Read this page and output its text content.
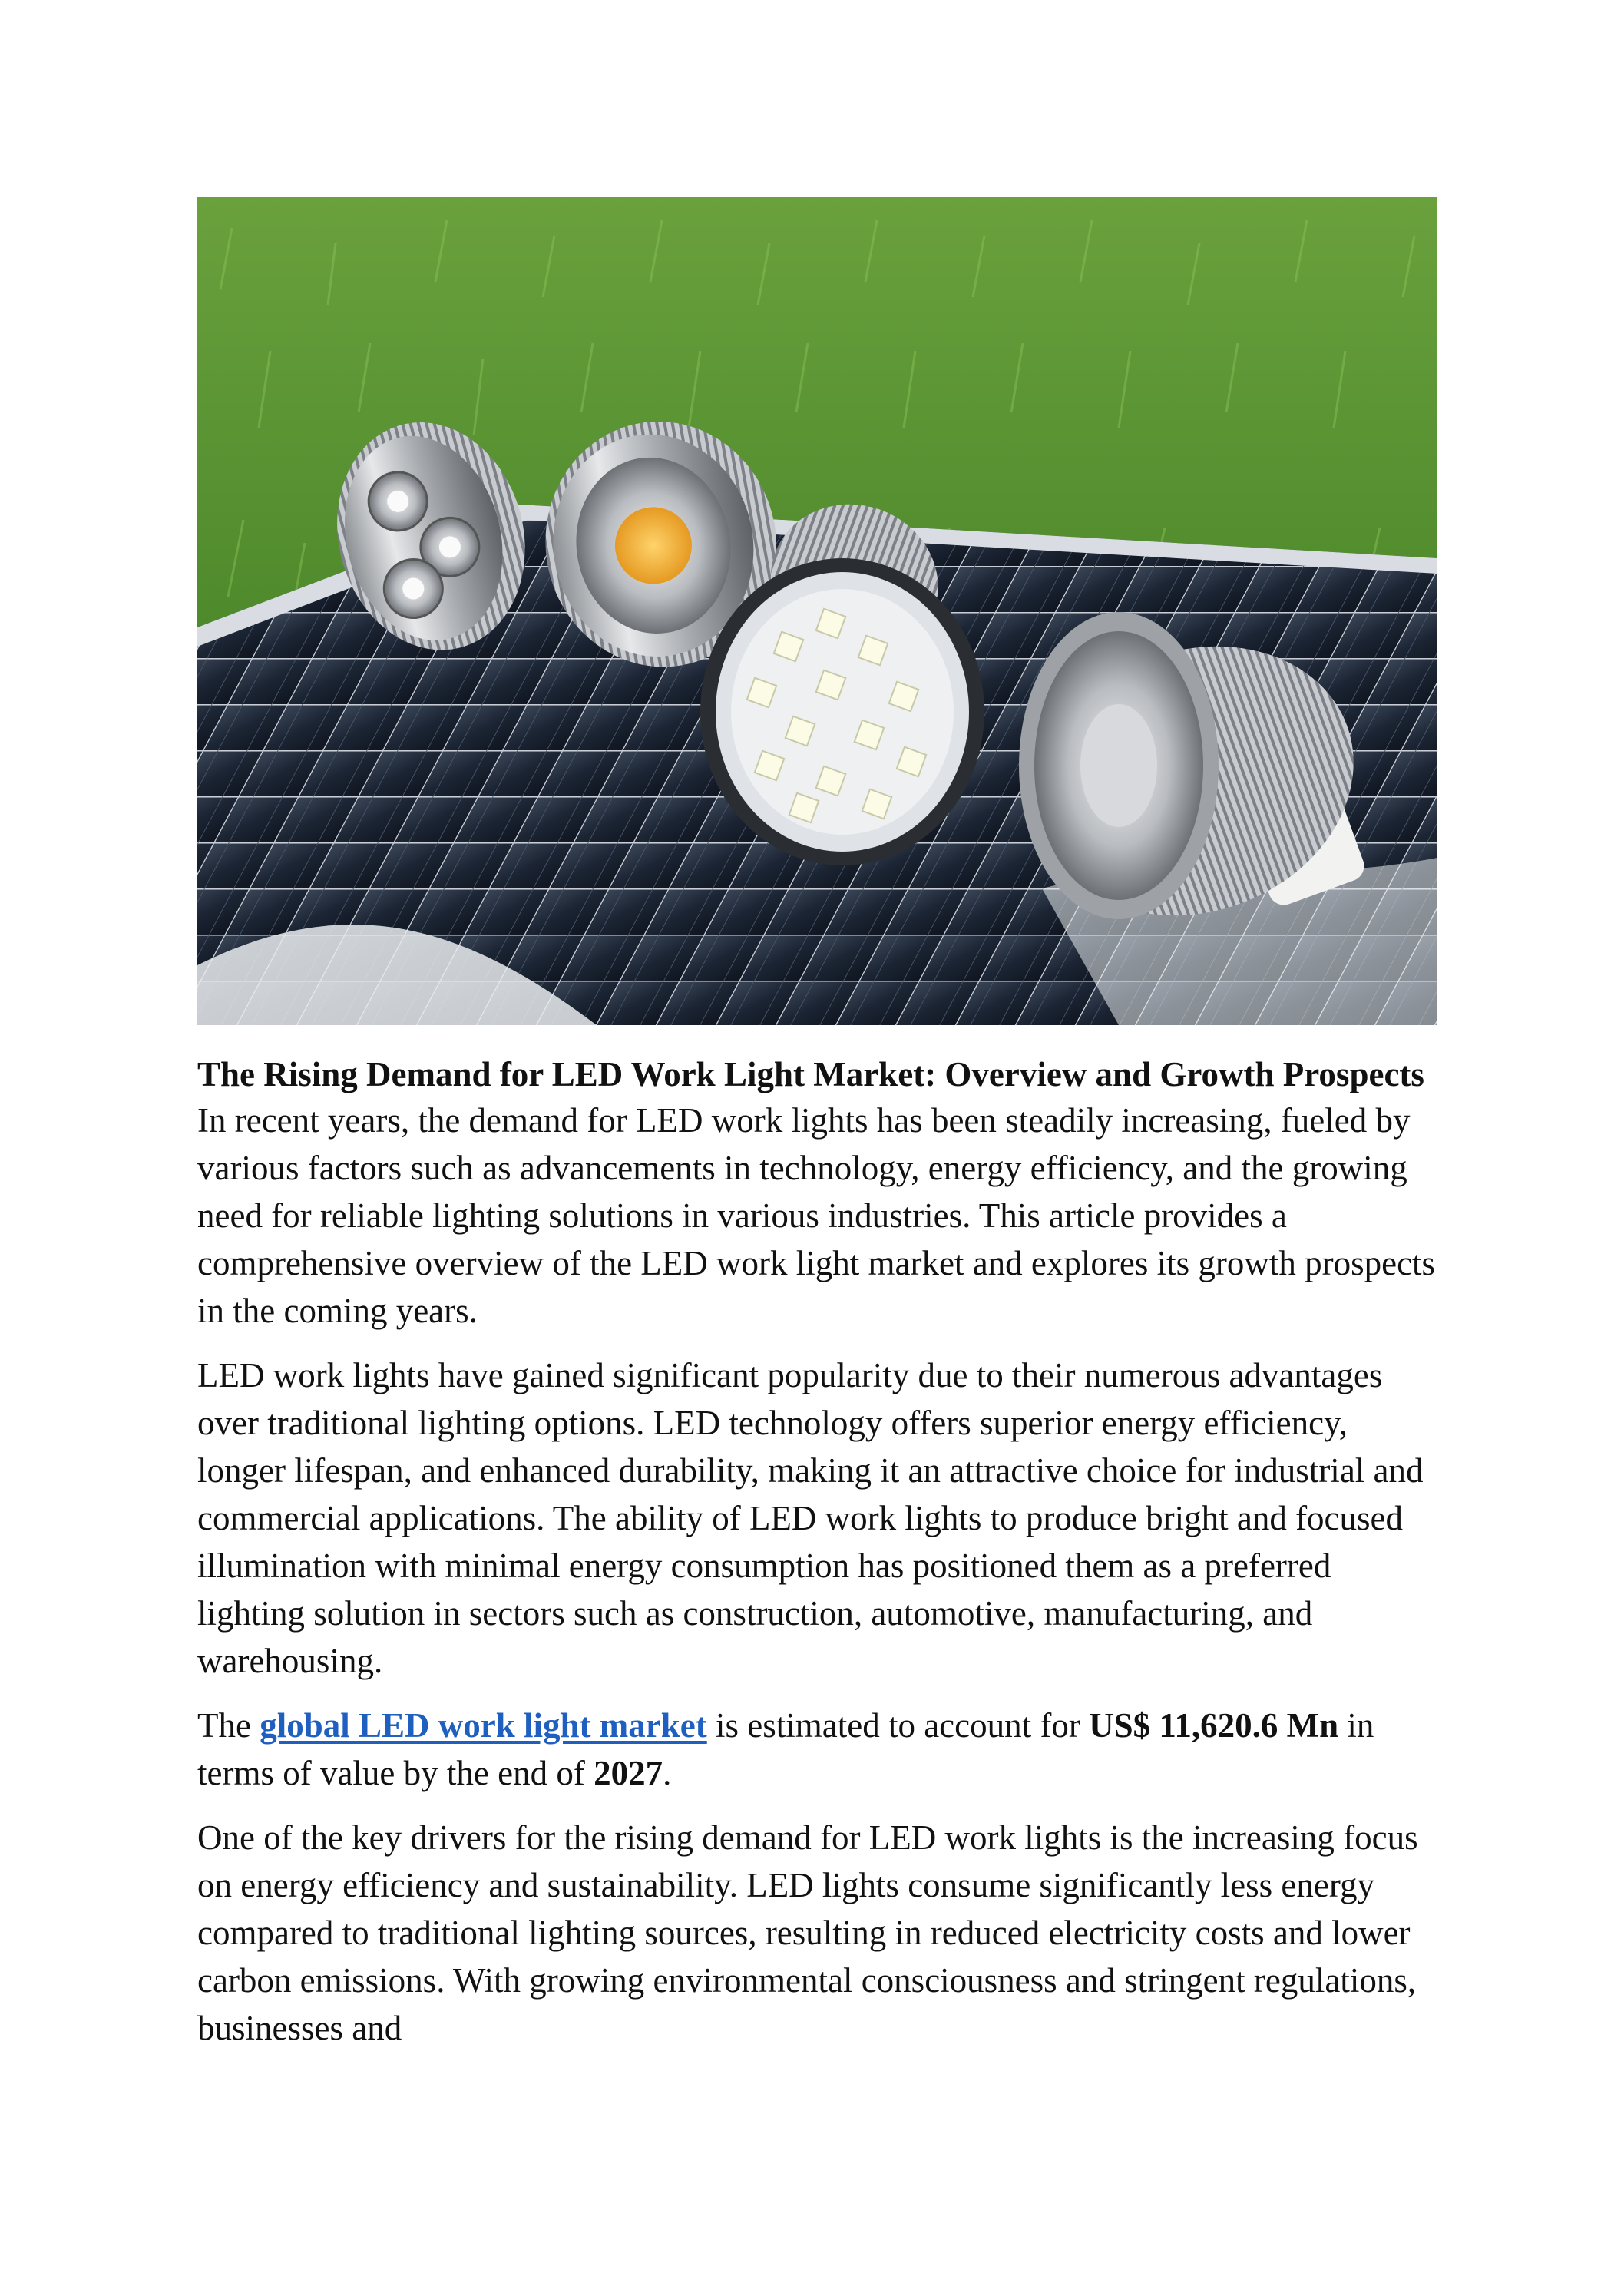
The Rising Demand for LED Work Light Market: Overview and Growth Prospects

In recent years, the demand for LED work lights has been steadily increasing, fueled by various factors such as advancements in technology, energy efficiency, and the growing need for reliable lighting solutions in various industries. This article provides a comprehensive overview of the LED work light market and explores its growth prospects in the coming years.

LED work lights have gained significant popularity due to their numerous advantages over traditional lighting options. LED technology offers superior energy efficiency, longer lifespan, and enhanced durability, making it an attractive choice for industrial and commercial applications. The ability of LED work lights to produce bright and focused illumination with minimal energy consumption has positioned them as a preferred lighting solution in sectors such as construction, automotive, manufacturing, and warehousing.

The global LED work light market is estimated to account for US$ 11,620.6 Mn in terms of value by the end of 2027.

One of the key drivers for the rising demand for LED work lights is the increasing focus on energy efficiency and sustainability. LED lights consume significantly less energy compared to traditional lighting sources, resulting in reduced electricity costs and lower carbon emissions. With growing environmental consciousness and stringent regulations, businesses and
